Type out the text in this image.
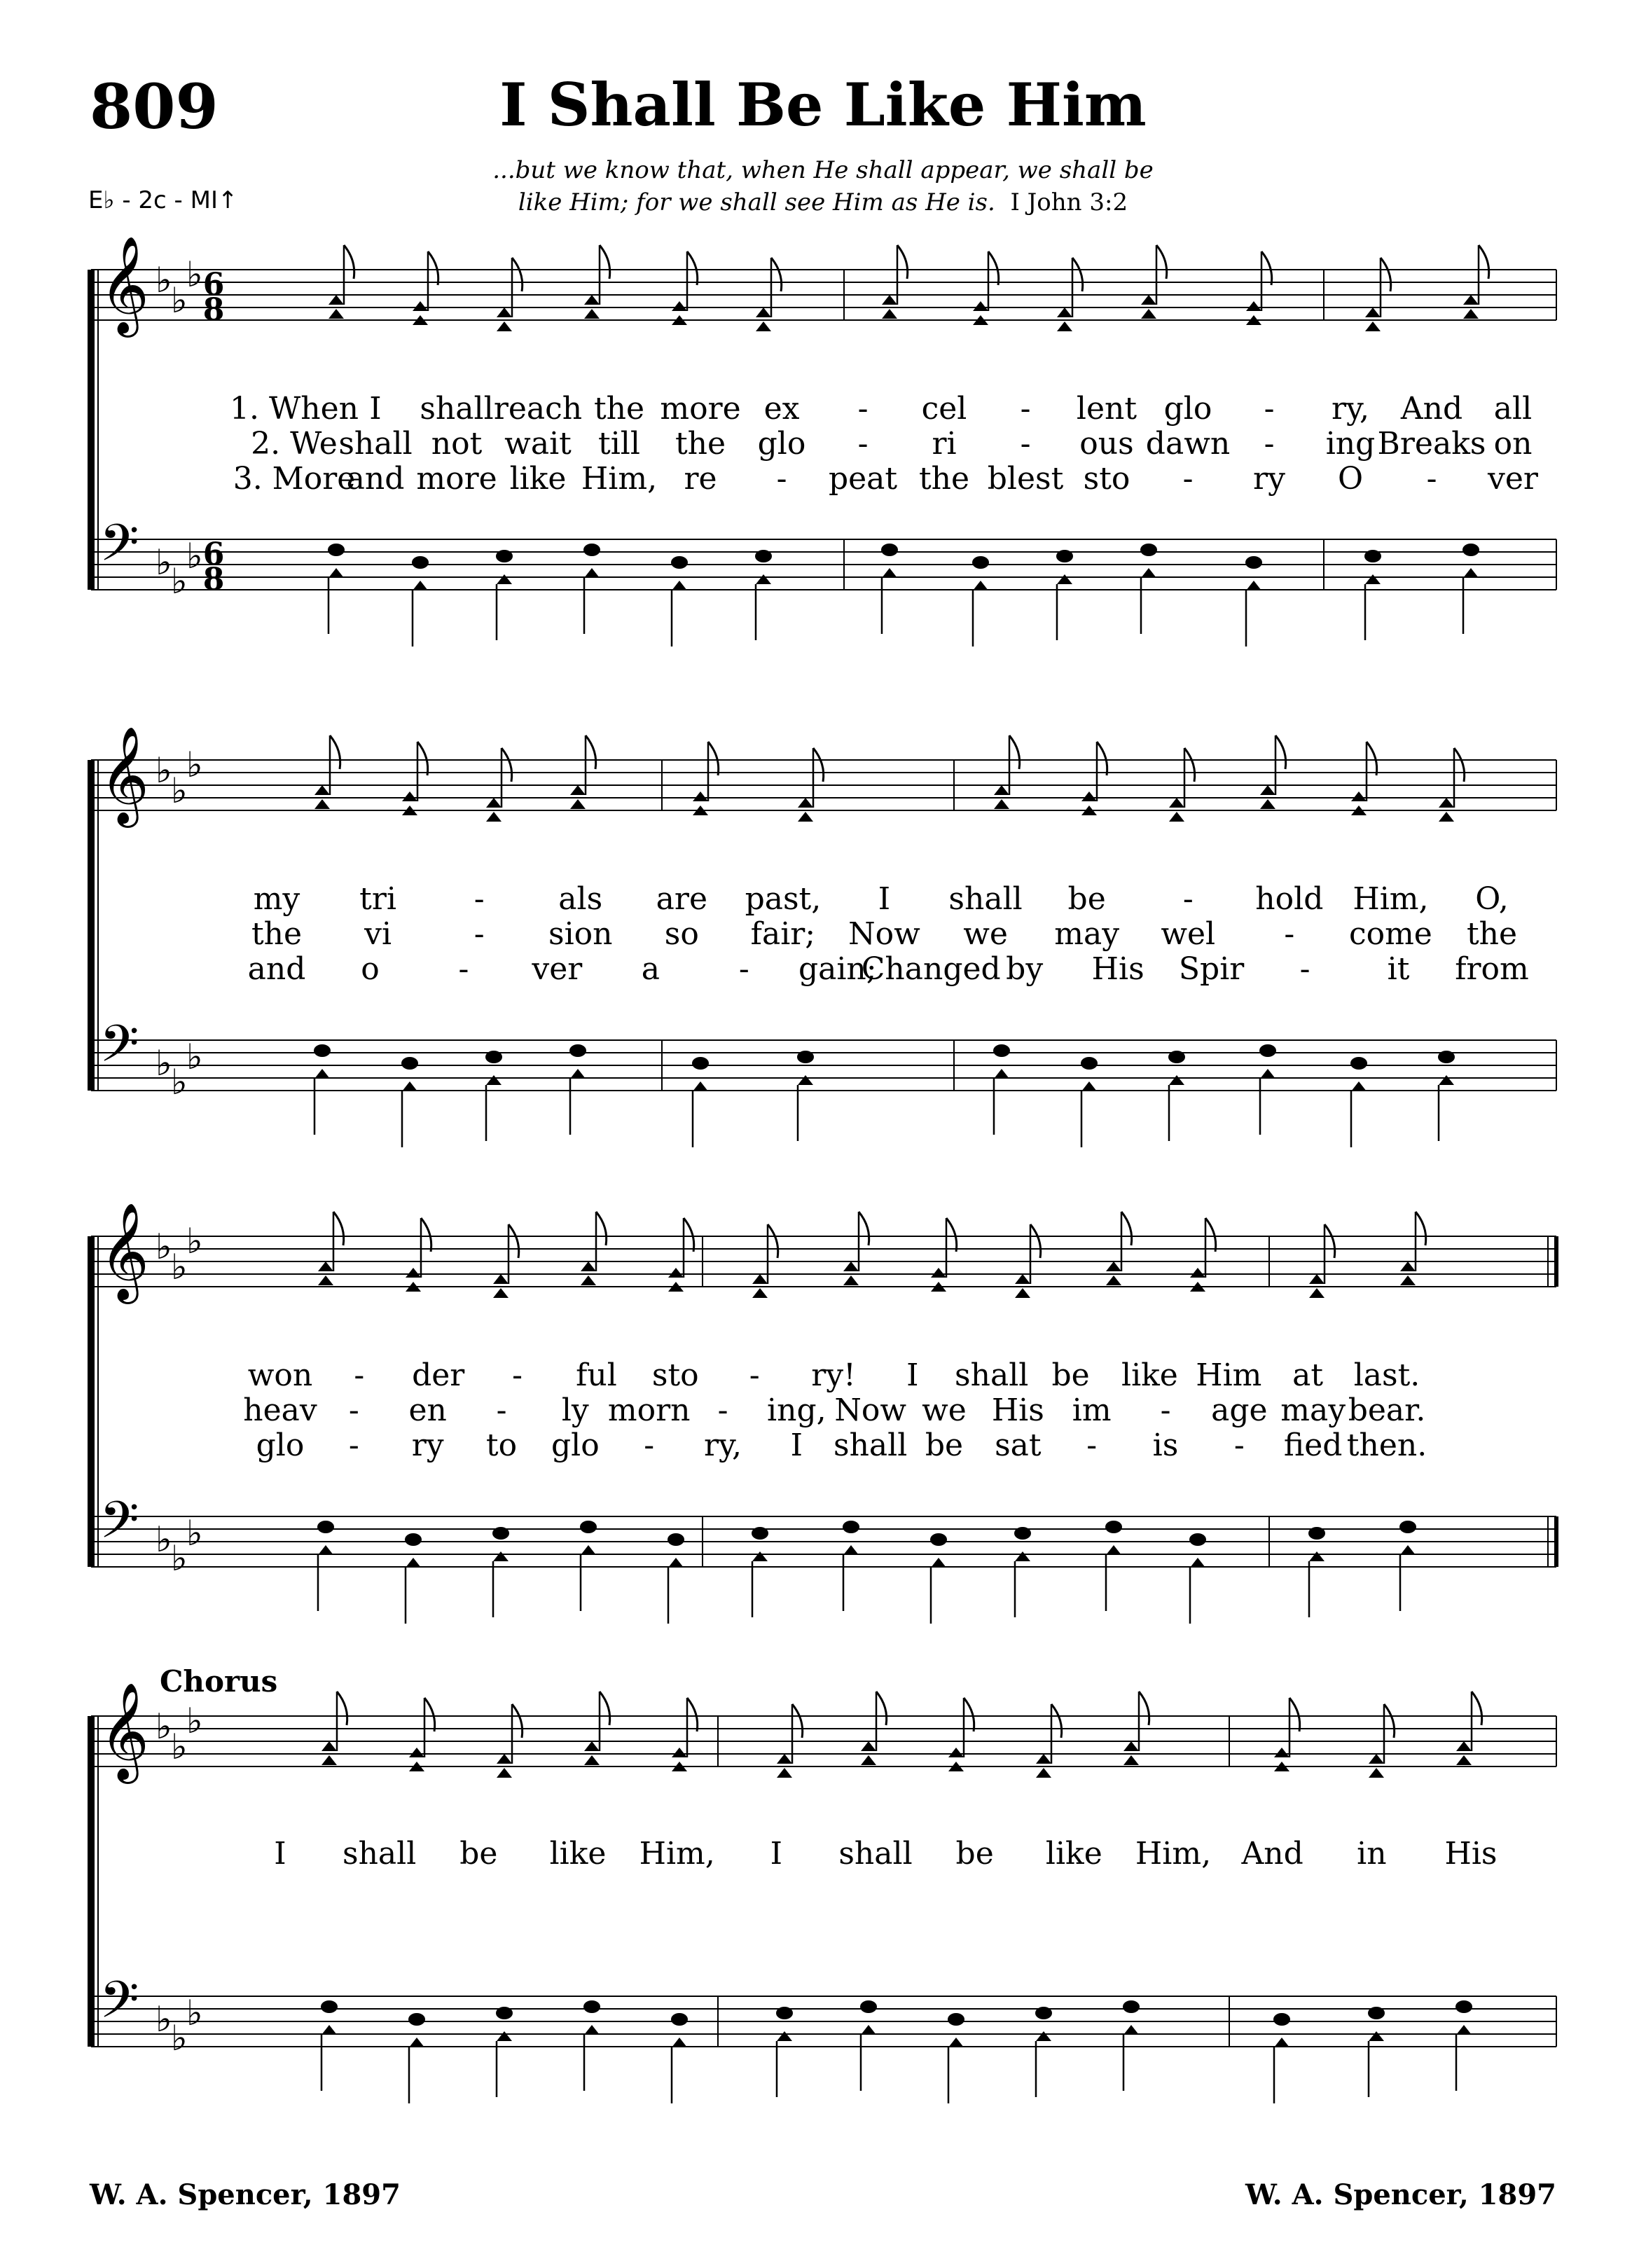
809	I Shall Be Like Him
...but we know that, when He shall appear, we shall be
like Him; for we shall see Him as He is. I John 3:2
E♭ - 2c - MI↑
Chorus
W. A. Spencer, 1897	W. A. Spencer, 1897
𝄞 ♭
♭
♭ 6
8
𝄢 ♭
♭
♭ 6
8
𝄞 ♭
♭
♭
𝄢 ♭
♭
♭
𝄞 ♭
♭
♭
𝄢 ♭
♭
♭
𝄞 ♭
♭
♭
𝄢 ♭
♭
♭
1. When I shall reach the more ex - cel - lent glo - ry, And all
2. We shall not wait till the glo - ri - ous dawn - ing Breaks on
3. More
and more like Him, re - peat the blest sto - ry O - ver
my tri	- als are past, I shall be	- hold Him, O,
the vi	- sion so fair; Now we may wel - come the
and o	- ver a	- gain;
Changed by His Spir -	it from
won - der - ful sto - ry! I shall be like Him at last.
heav - en - ly morn - ing, Now we His im - age may bear.
glo - ry to glo - ry, I shall be sat - is - fied then.
I shall be like Him, I shall be like Him, And in His
